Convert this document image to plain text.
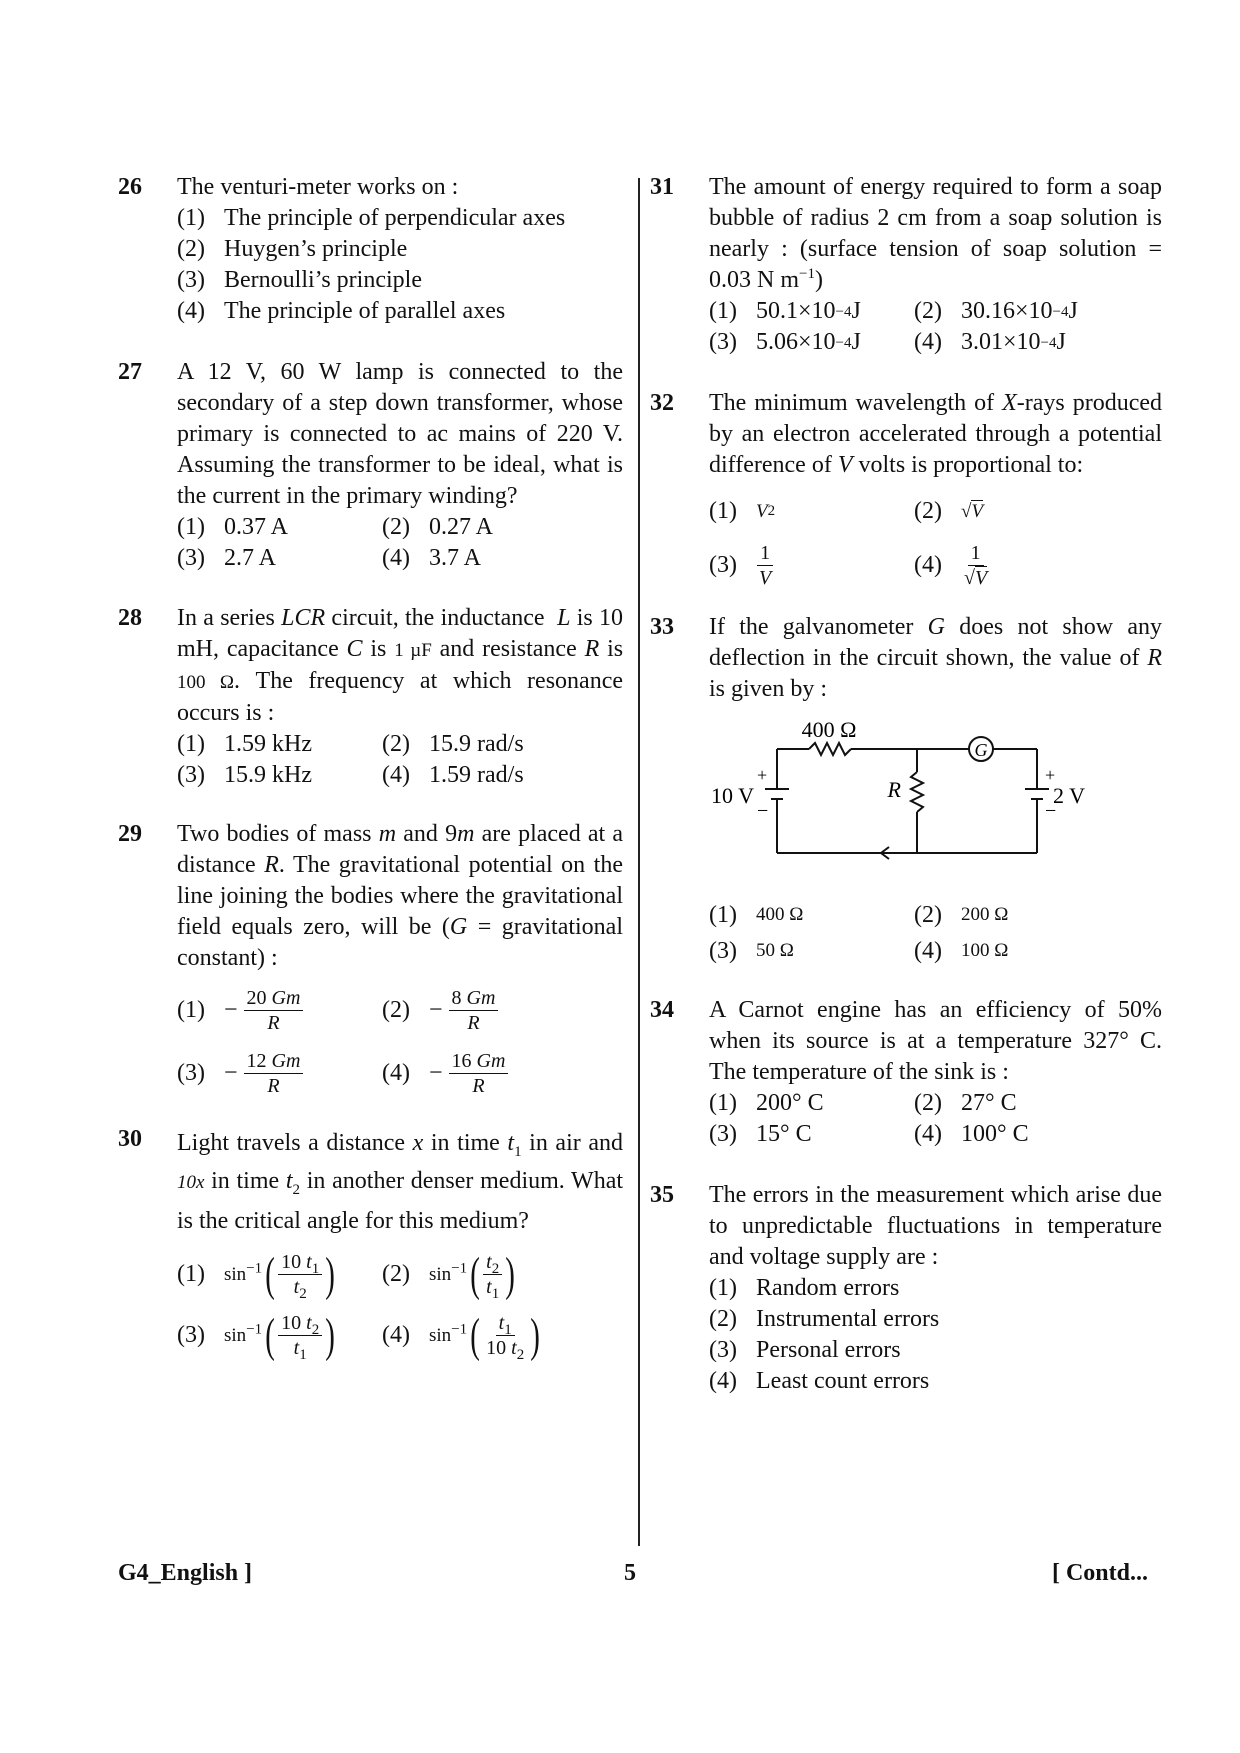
26 The venturi-meter works on :
(1) The principle of perpendicular axes
(2) Huygen’s principle
(3) Bernoulli’s principle
(4) The principle of parallel axes
27 A 12 V, 60 W lamp is connected to the secondary of a step down transformer, whose primary is connected to ac mains of 220 V. Assuming the transformer to be ideal, what is the current in the primary winding?
(1) 0.37 A	(2) 0.27 A
(3) 2.7 A	(4) 3.7 A
28 In a series LCR circuit, the inductance L is 10 mH, capacitance C is 1 µF and resistance R is 100 Ω. The frequency at which resonance occurs is :
(1) 1.59 kHz	(2) 15.9 rad/s
(3) 15.9 kHz	(4) 1.59 rad/s
29 Two bodies of mass m and 9m are placed at a distance R. The gravitational potential on the line joining the bodies where the gravitational field equals zero, will be (G = gravitational constant) :
$(1) - \frac{20 Gm}{R}$	$(2) - \frac{8 Gm}{R}$
$(3) - \frac{12 Gm}{R}$	$(4) - \frac{16 Gm}{R}$
30 Light travels a distance x in time $t_1$ in air and 10x in time $t_2$ in another denser medium. What is the critical angle for this medium?
(1)	$\sin^{-1}$ ( $\frac{10 t_1}{t_2}$ ) (2)	$\sin^{-1}$ ( $\frac{t_2}{t_1}$ )
(3)	$\sin^{-1}$ ( $\frac{10 t_2}{t_1}$ ) (4)	$\sin^{-1}$ ( $\frac{t_1}{10 t_2}$ )
31 The amount of energy required to form a soap bubble of radius 2 cm from a soap solution is nearly : (surface tension of soap solution = 0.03 N $m^{-1}$)
(1) 50.1×10 −4 J (2) 30.16×10 −4 J
(3) 5.06×10 −4 J (4) 3.01×10 −4 J
32 The minimum wavelength of X-rays produced by an electron accelerated through a potential difference of V volts is proportional to:
(1)	V 2	(2)	√V
$(3) \frac{1}{V}$	$(4) \frac{1}{√V}$
33 If the galvanometer G does not show any deflection in the circuit shown, the value of R is given by :
400 Ω
G
R
10 V	2 V
+
−
+
−
(1)	400 Ω	(2)	200 Ω
(3)	50 Ω	(4)	100 Ω
34 A Carnot engine has an efficiency of 50% when its source is at a temperature 327° C. The temperature of the sink is :
(1) 200° C	(2) 27° C
(3) 15° C	(4) 100° C
35 The errors in the measurement which arise due to unpredictable fluctuations in temperature and voltage supply are :
(1) Random errors
(2) Instrumental errors
(3) Personal errors
(4) Least count errors
G4_English ]	5	[ Contd...
